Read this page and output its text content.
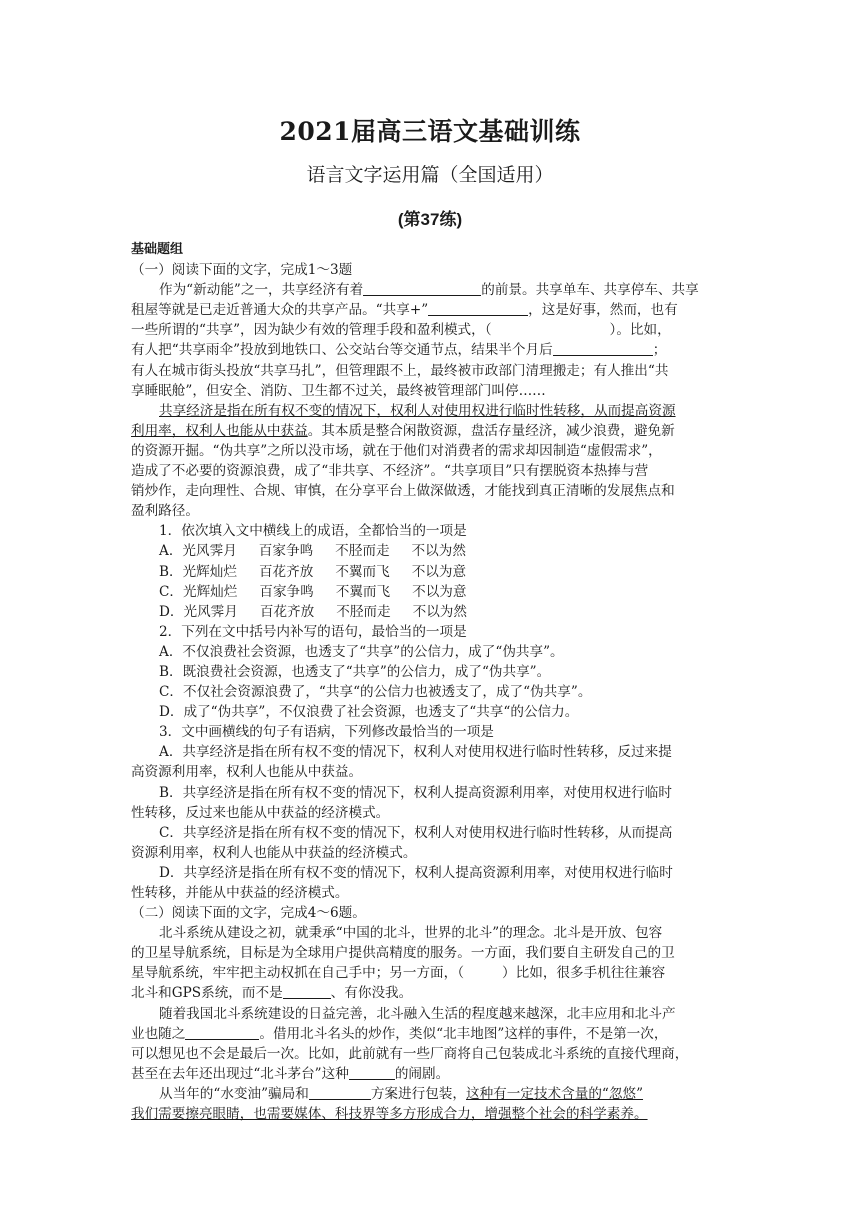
2021届高三语文基础训练
语言文字运用篇（全国适用）
(第37练)
基础题组
（一）阅读下面的文字，完成1～3题
作为“新动能”之一，共享经济有着	的前景。共享单车、共享停车、共享
租屋等就是已走近普通大众的共享产品。“共享+”	，这是好事，然而，也有
一些所谓的“共享”，因为缺少有效的管理手段和盈利模式，（	）。比如，
有人把“共享雨伞”投放到地铁口、公交站台等交通节点，结果半个月后	；
有人在城市街头投放“共享马扎”，但管理跟不上，最终被市政部门清理搬走；有人推出“共
享睡眠舱”，但安全、消防、卫生都不过关，最终被管理部门叫停……
共享经济是指在所有权不变的情况下，权利人对使用权进行临时性转移，从而提高资源
利用率，权利人也能从中获益。其本质是整合闲散资源，盘活存量经济，减少浪费，避免新
的资源开掘。“伪共享”之所以没市场，就在于他们对消费者的需求却因制造“虚假需求”，
造成了不必要的资源浪费，成了“非共享、不经济”。“共享项目”只有摆脱资本热捧与营
销炒作，走向理性、合规、审慎，在分享平台上做深做透，才能找到真正清晰的发展焦点和
盈利路径。
1．依次填入文中横线上的成语，全都恰当的一项是
A．光风霁月 百家争鸣 不胫而走 不以为然
B．光辉灿烂 百花齐放 不翼而飞 不以为意
C．光辉灿烂 百家争鸣 不翼而飞 不以为意
D．光风霁月 百花齐放 不胫而走 不以为然
2．下列在文中括号内补写的语句，最恰当的一项是
A．不仅浪费社会资源，也透支了“共享”的公信力，成了“伪共享”。
B．既浪费社会资源，也透支了“共享”的公信力，成了“伪共享”。
C．不仅社会资源浪费了，“共享“的公信力也被透支了，成了“伪共享”。
D．成了“伪共享”，不仅浪费了社会资源，也透支了“共享“的公信力。
3．文中画横线的句子有语病，下列修改最恰当的一项是
A．共享经济是指在所有权不变的情况下，权利人对使用权进行临时性转移，反过来提
高资源利用率，权利人也能从中获益。
B．共享经济是指在所有权不变的情况下，权利人提高资源利用率，对使用权进行临时
性转移，反过来也能从中获益的经济模式。
C．共享经济是指在所有权不变的情况下，权利人对使用权进行临时性转移，从而提高
资源利用率，权利人也能从中获益的经济模式。
D．共享经济是指在所有权不变的情况下，权利人提高资源利用率，对使用权进行临时
性转移，并能从中获益的经济模式。
（二）阅读下面的文字，完成4～6题。
北斗系统从建设之初，就秉承“中国的北斗，世界的北斗”的理念。北斗是开放、包容
的卫星导航系统，目标是为全球用户提供高精度的服务。一方面，我们要自主研发自己的卫
星导航系统，牢牢把主动权抓在自己手中；另一方面，（	）比如，很多手机往往兼容
北斗和GPS系统，而不是	、有你没我。
随着我国北斗系统建设的日益完善，北斗融入生活的程度越来越深，北丰应用和北斗产
业也随之	。借用北斗名头的炒作，类似“北丰地图”这样的事件，不是第一次，
可以想见也不会是最后一次。比如，此前就有一些厂商将自己包装成北斗系统的直接代理商，
甚至在去年还出现过“北斗茅台”这种	的闹剧。
从当年的“水变油”骗局和	方案进行包装，这种有一定技术含量的“忽悠”
我们需要擦亮眼睛，也需要媒体、科技界等多方形成合力，增强整个社会的科学素养。
